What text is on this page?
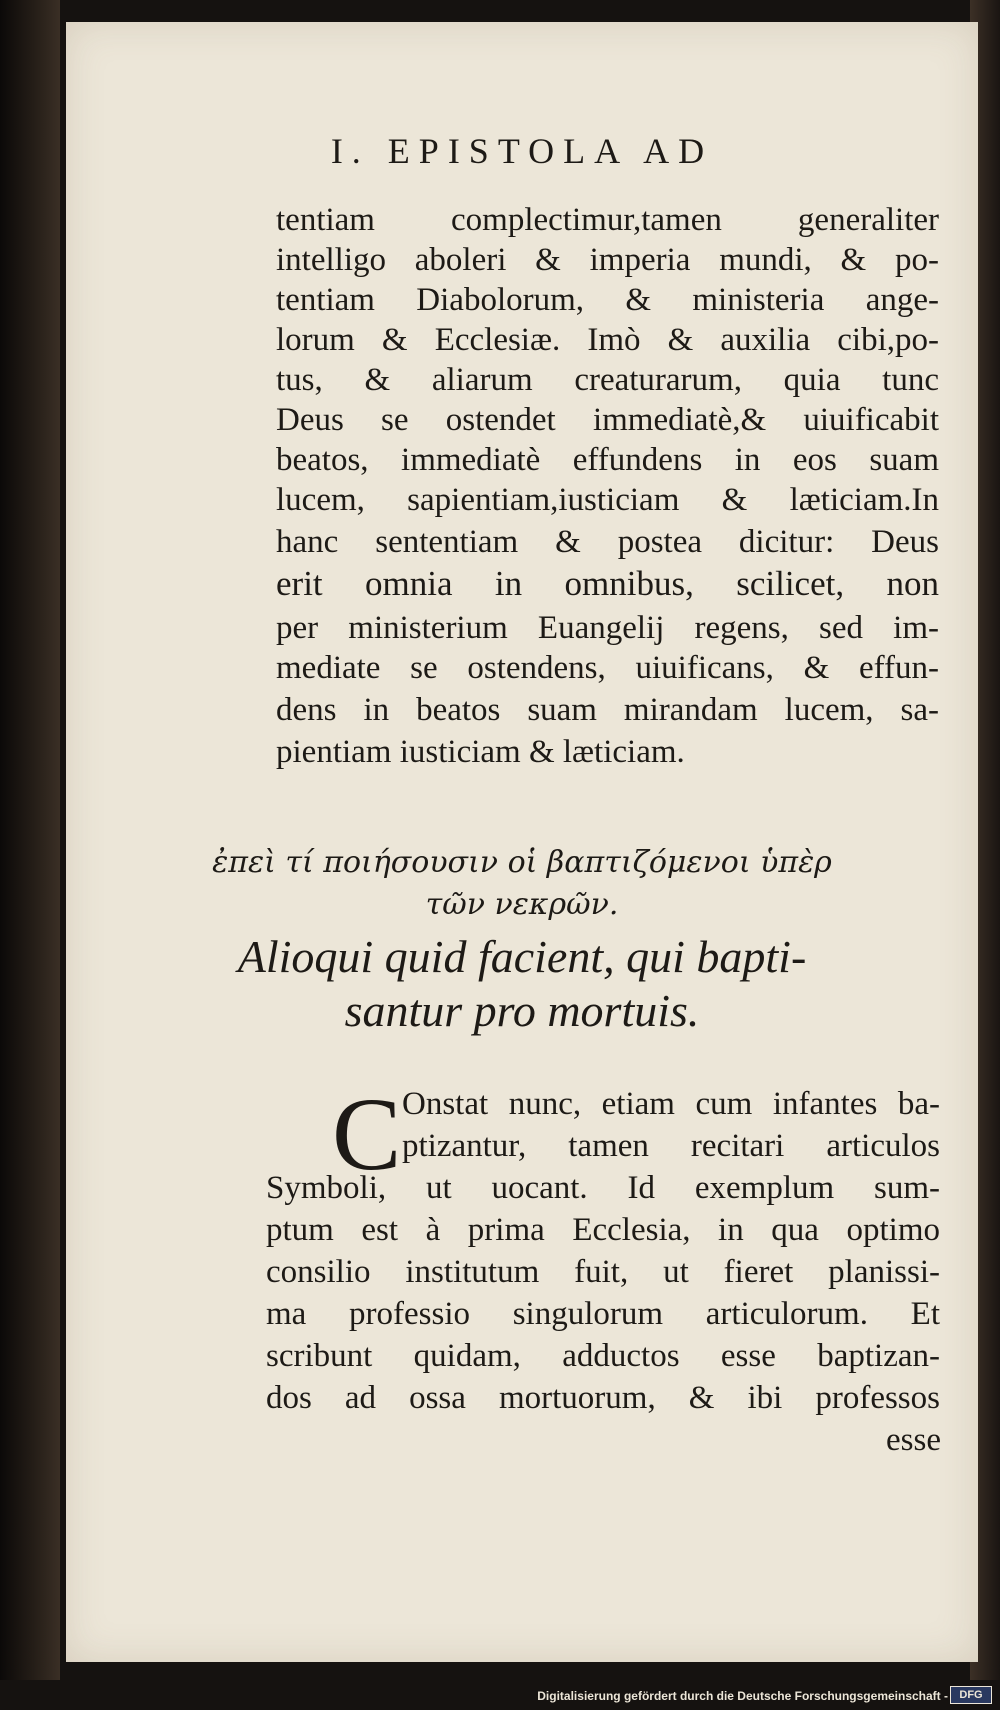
I. EPISTOLA AD
tentiam complectimur,tamen generaliter
intelligo aboleri & imperia mundi, & po-
tentiam Diabolorum, & ministeria ange-
lorum & Ecclesiæ. Imò & auxilia cibi,po-
tus, & aliarum creaturarum, quia tunc
Deus se ostendet immediatè,& uiuificabit
beatos, immediatè effundens in eos suam
lucem, sapientiam,iusticiam & læticiam.In
hanc sententiam & postea dicitur: Deus
erit omnia in omnibus, scilicet, non
per ministerium Euangelij regens, sed im-
mediate se ostendens, uiuificans, & effun-
dens in beatos suam mirandam lucem, sa-
pientiam iusticiam & læticiam.
ἐπεὶ τί ποιήσουσιν οἱ βαπτιζόμενοι ὑπὲρ
τῶν νεκρῶν.
Alioqui quid facient, qui bapti-
santur pro mortuis.
C Onstat nunc, etiam cum infantes ba-
ptizantur, tamen recitari articulos
Symboli, ut uocant. Id exemplum sum-
ptum est à prima Ecclesia, in qua optimo
consilio institutum fuit, ut fieret planissi-
ma professio singulorum articulorum. Et
scribunt quidam, adductos esse baptizan-
dos ad ossa mortuorum, & ibi professos
esse
Digitalisierung gefördert durch die Deutsche Forschungsgemeinschaft -	DFG
